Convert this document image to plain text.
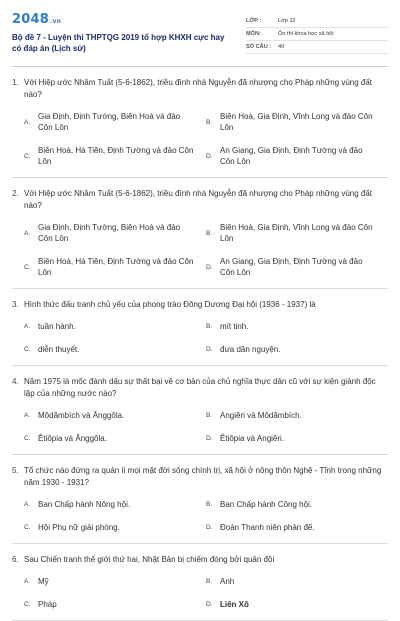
2048.vn
Bộ đề 7 - Luyện thi THPTQG 2019 tổ hợp KHXH cực hay có đáp án (Lịch sử)
LỚP :	Lớp 12
MÔN:	Ôn thi khoa học xã hội
SỐ CÂU :	40
1. Với Hiệp ước Nhâm Tuất (5-6-1862), triều đình nhà Nguyễn đã nhượng cho Pháp những vùng đất nào?
A.
Gia Định, Định Tường, Biên Hoà và đảo Côn Lôn
B.
Biên Hoà, Gia Định, Vĩnh Long và đảo Côn Lôn
C.
Biên Hoà, Hà Tiên, Định Tường và đảo Côn Lôn
D.
An Giang, Gia Định, Định Tường và đảo Côn Lôn
2. Với Hiệp ước Nhâm Tuất (5-6-1862), triều đình nhà Nguyễn đã nhượng cho Pháp những vùng đất nào?
A.
Gia Định, Định Tường, Biên Hoà và đảo Côn Lôn
B.
Biên Hoà, Gia Định, Vĩnh Long và đảo Côn Lôn
C.
Biên Hoà, Hà Tiên, Định Tường và đảo Côn Lôn
D.
An Giang, Gia Định, Định Tường và đảo Côn Lôn
3. Hình thức đấu tranh chủ yếu của phong trào Đông Dương Đại hội (1936 - 1937) là
A. tuần hành.	B. mít tinh.
C. diễn thuyết.	D. đưa dân nguyện.
4. Năm 1975 là mốc đánh dấu sự thất bại về cơ bản của chủ nghĩa thực dân cũ với sự kiện giành độc lập của những nước nào?
A. Môdămbích và Ănggôla.	B. Angiêri và Môdămbích.
C. Êtiôpia và Ănggôla.	D. Êtiôpia và Angiêri.
5. Tổ chức nào đứng ra quản lí mọi mặt đời sống chính trị, xã hội ở nông thôn Nghệ - Tĩnh trong những năm 1930 - 1931?
A. Ban Chấp hành Nông hội.	B. Ban Chấp hành Công hội.
C. Hội Phụ nữ giải phóng.	D. Đoàn Thanh niên phản đế.
6. Sau Chiến tranh thế giới thứ hai, Nhật Bản bị chiếm đóng bởi quân đội
A. Mỹ	B. Anh
C. Pháp	D. Liên Xô
